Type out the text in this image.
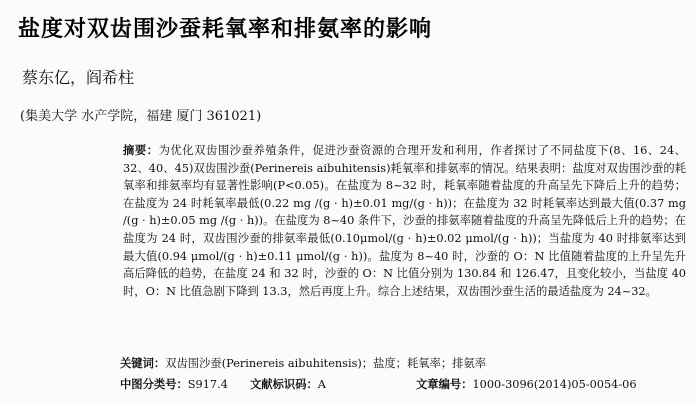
盐度对双齿围沙蚕耗氧率和排氨率的影响
蔡东亿，阎希柱
(集美大学 水产学院，福建 厦门 361021)
摘要：为优化双齿围沙蚕养殖条件，促进沙蚕资源的合理开发和利用，作者探讨了不同盐度下(8、16、24、32、40、45)双齿围沙蚕(Perinereis aibuhitensis)耗氧率和排氨率的情况。结果表明：盐度对双齿围沙蚕的耗氧率和排氨率均有显著性影响(P<0.05)。在盐度为 8~32 时，耗氧率随着盐度的升高呈先下降后上升的趋势；在盐度为 24 时耗氧率最低(0.22 mg /(g · h)±0.01 mg/(g · h))；在盐度为 32 时耗氧率达到最大值(0.37 mg /(g · h)±0.05 mg /(g · h))。在盐度为 8~40 条件下，沙蚕的排氨率随着盐度的升高呈先降低后上升的趋势；在盐度为 24 时，双齿围沙蚕的排氨率最低(0.10μmol/(g · h)±0.02 μmol/(g · h))；当盐度为 40 时排氨率达到最大值(0.94 μmol/(g · h)±0.11 μmol/(g · h))。盐度为 8~40 时，沙蚕的 O：N 比值随着盐度的上升呈先升高后降低的趋势，在盐度 24 和 32 时，沙蚕的 O：N 比值分别为 130.84 和 126.47，且变化较小，当盐度 40 时，O：N 比值急剧下降到 13.3，然后再度上升。综合上述结果，双齿围沙蚕生活的最适盐度为 24~32。
关键词：双齿围沙蚕(Perinereis aibuhitensis)；盐度；耗氧率；排氨率
中图分类号：S917.4 文献标识码：A	文章编号：1000-3096(2014)05-0054-06
